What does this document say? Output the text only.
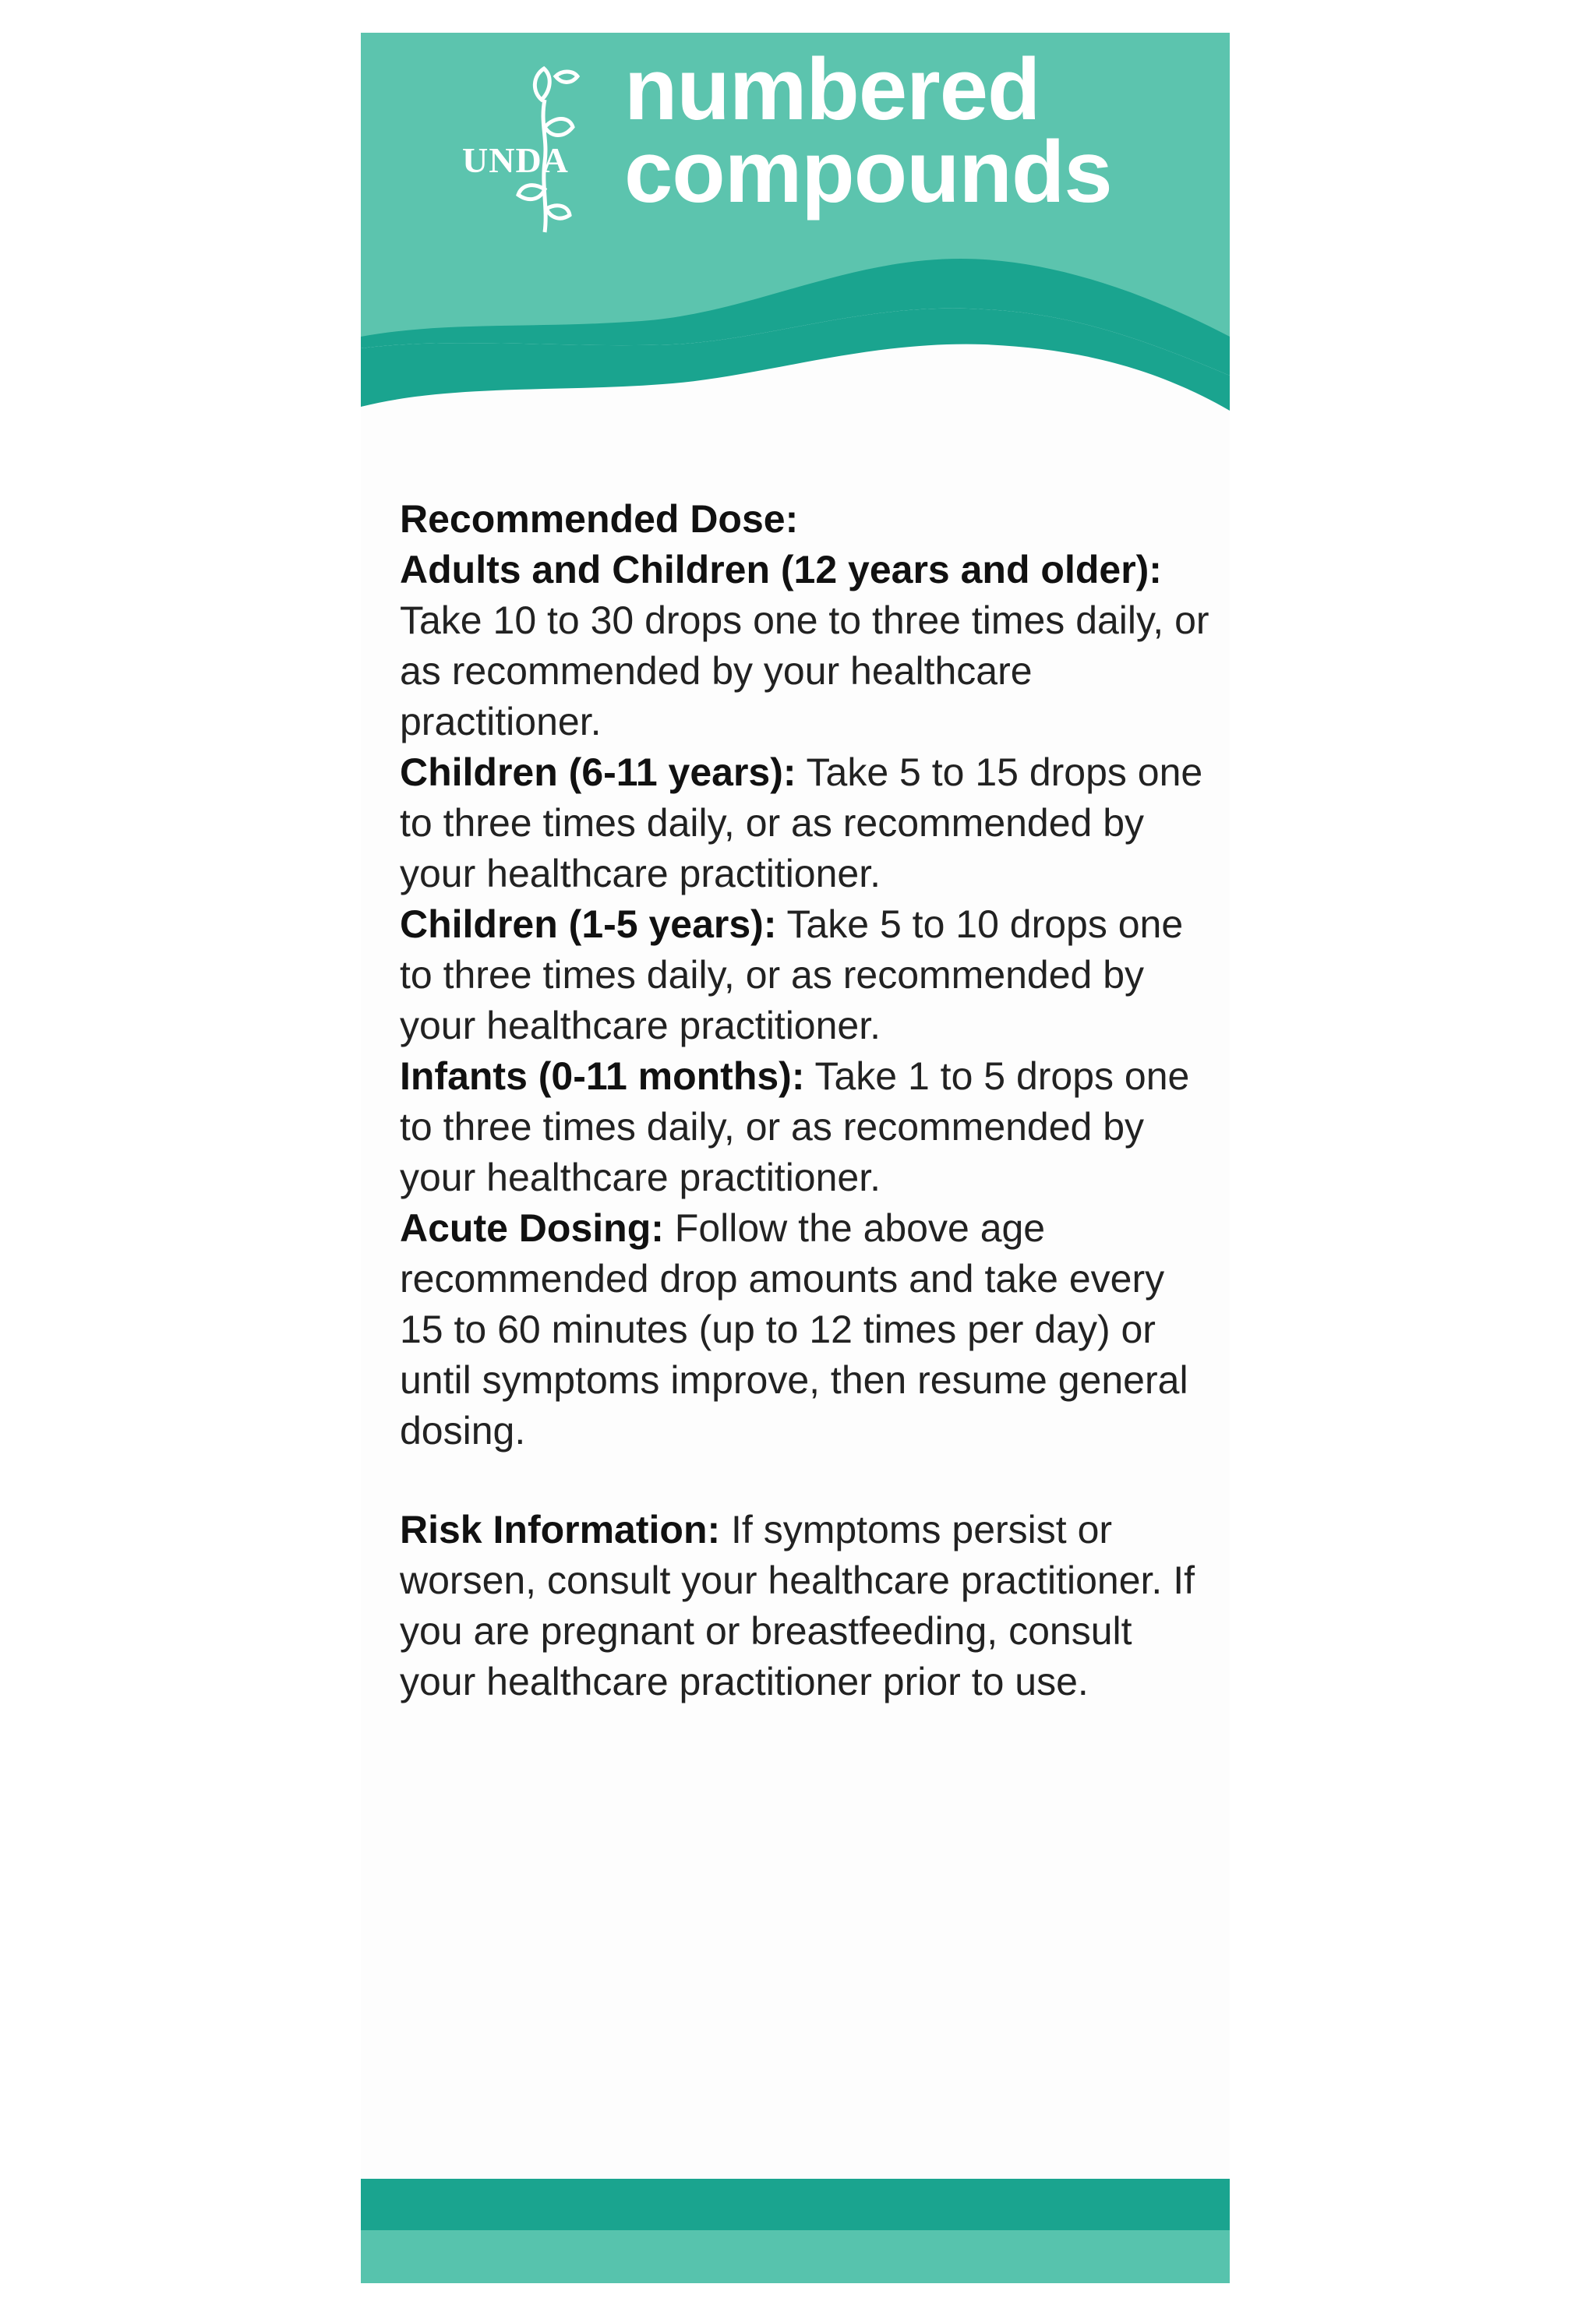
UNDA
numbered
compounds

Recommended Dose:

Adults and Children (12 years and older): Take 10 to 30 drops one to three times daily, or as recommended by your healthcare practitioner.

Children (6-11 years): Take 5 to 15 drops one to three times daily, or as recommended by your healthcare practitioner.

Children (1-5 years): Take 5 to 10 drops one to three times daily, or as recommended by your healthcare practitioner.

Infants (0-11 months): Take 1 to 5 drops one to three times daily, or as recommended by your healthcare practitioner.

Acute Dosing: Follow the above age recommended drop amounts and take every 15 to 60 minutes (up to 12 times per day) or until symptoms improve, then resume general dosing.

Risk Information: If symptoms persist or worsen, consult your healthcare practitioner. If you are pregnant or breastfeeding, consult your healthcare practitioner prior to use.
